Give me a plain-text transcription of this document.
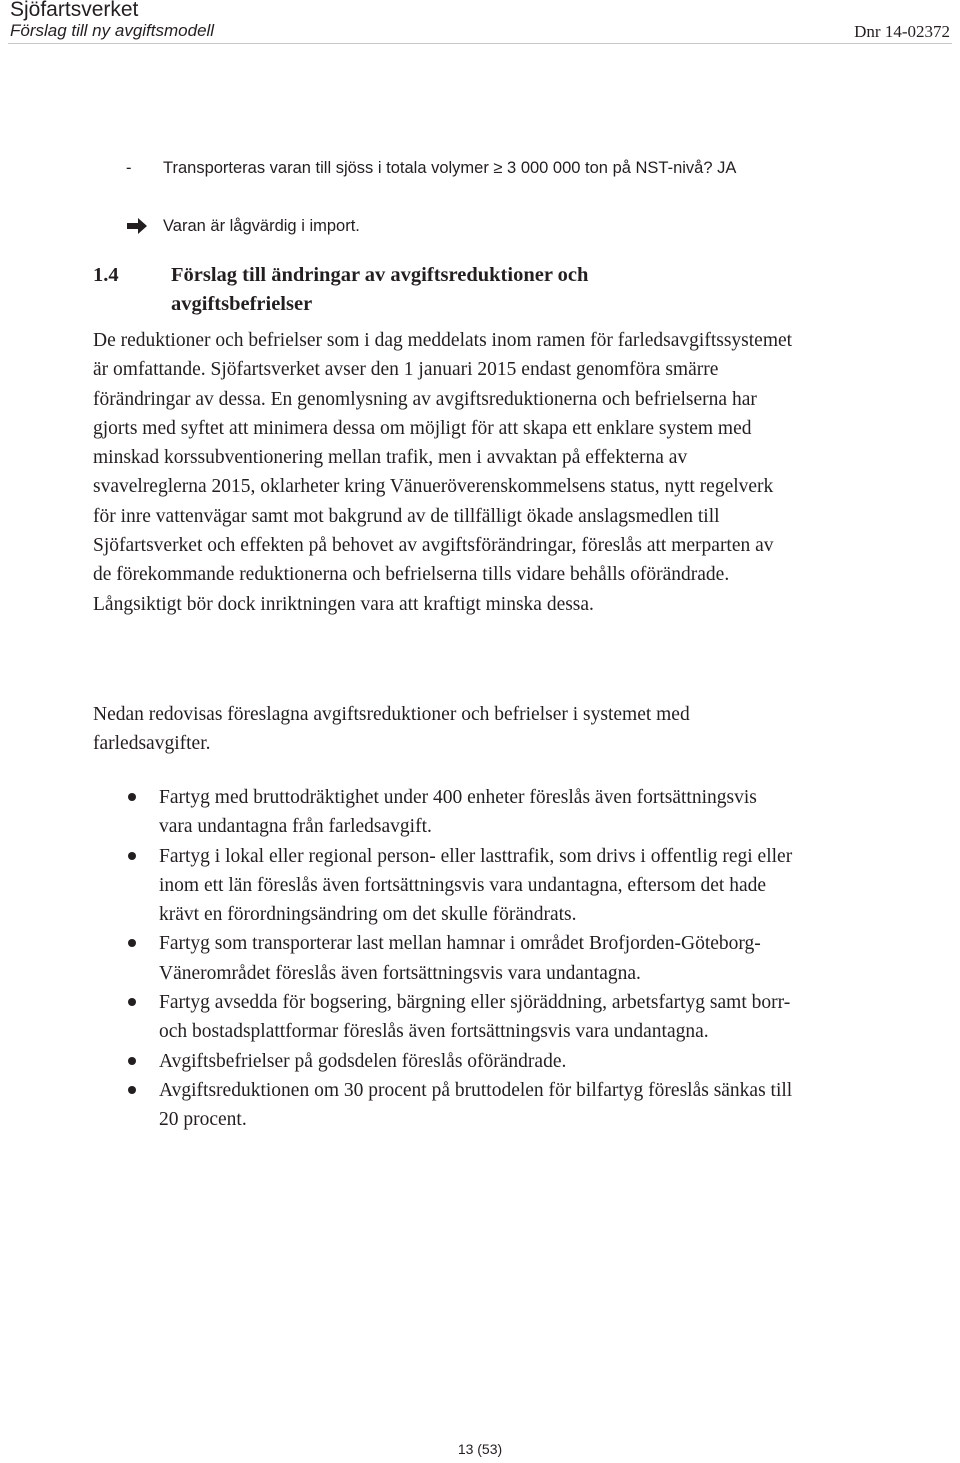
Sjöfartsverket

Förslag till ny avgiftsmodell	Dnr 14-02372

- Transporteras varan till sjöss i totala volymer ≥ 3 000 000 ton på NST-nivå? JA
Varan är lågvärdig i import.
1.4	Förslag till ändringar av avgiftsreduktioner och avgiftsbefrielser

De reduktioner och befrielser som i dag meddelats inom ramen för farledsavgiftssystemet är omfattande. Sjöfartsverket avser den 1 januari 2015 endast genomföra smärre förändringar av dessa. En genomlysning av avgiftsreduktionerna och befrielserna har gjorts med syftet att minimera dessa om möjligt för att skapa ett enklare system med minskad korssubventionering mellan trafik, men i avvaktan på effekterna av svavelreglerna 2015, oklarheter kring Vänueröverenskommelsens status, nytt regelverk för inre vattenvägar samt mot bakgrund av de tillfälligt ökade anslagsmedlen till Sjöfartsverket och effekten på behovet av avgiftsförändringar, föreslås att merparten av de förekommande reduktionerna och befrielserna tills vidare behålls oförändrade. Långsiktigt bör dock inriktningen vara att kraftigt minska dessa.

Nedan redovisas föreslagna avgiftsreduktioner och befrielser i systemet med farledsavgifter.

Fartyg med bruttodräktighet under 400 enheter föreslås även fortsättningsvis vara undantagna från farledsavgift.
Fartyg i lokal eller regional person- eller lasttrafik, som drivs i offentlig regi eller inom ett län föreslås även fortsättningsvis vara undantagna, eftersom det hade krävt en förordningsändring om det skulle förändrats.
Fartyg som transporterar last mellan hamnar i området Brofjorden-Göteborg-Vänerområdet föreslås även fortsättningsvis vara undantagna.
Fartyg avsedda för bogsering, bärgning eller sjöräddning, arbetsfartyg samt borr- och bostadsplattformar föreslås även fortsättningsvis vara undantagna.
Avgiftsbefrielser på godsdelen föreslås oförändrade.
Avgiftsreduktionen om 30 procent på bruttodelen för bilfartyg föreslås sänkas till 20 procent.

13 (53)
